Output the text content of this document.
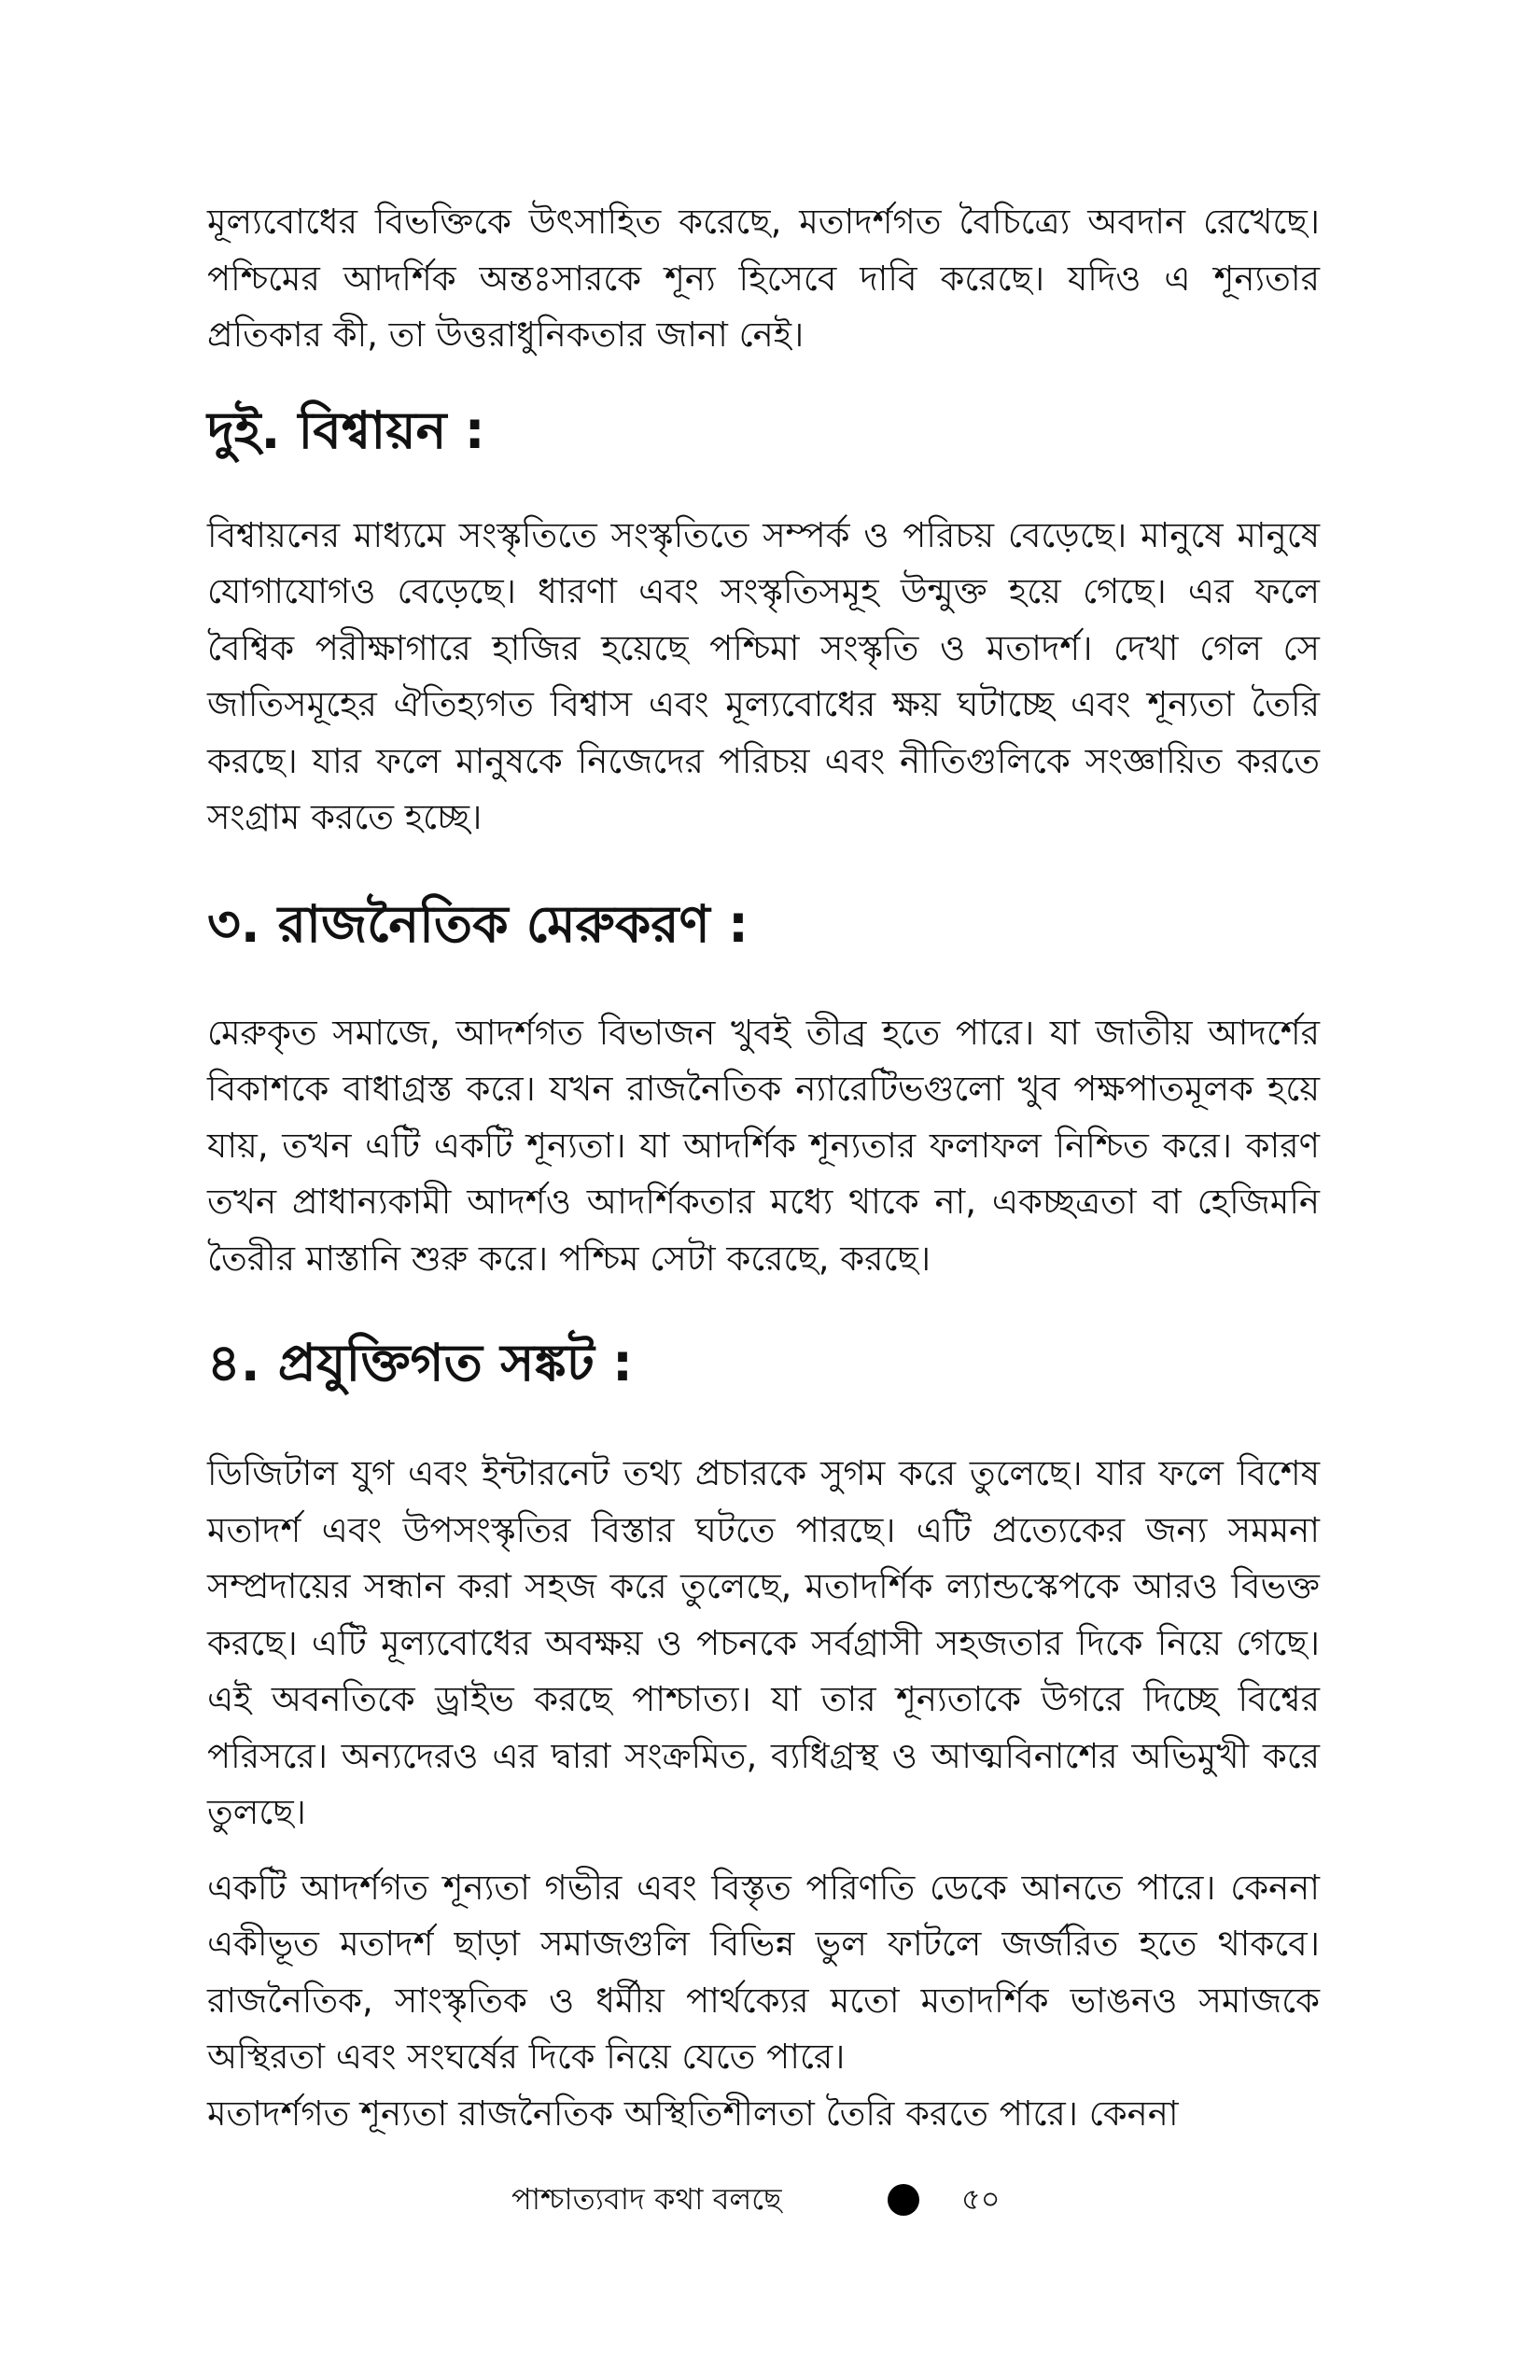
মূল্যবোধের বিভক্তিকে উৎসাহিত করেছে, মতাদর্শগত বৈচিত্র্যে অবদান রেখেছে। পশ্চিমের আদর্শিক অন্তঃসারকে শূন্য হিসেবে দাবি করেছে। যদিও এ শূন্যতার প্রতিকার কী, তা উত্তরাধুনিকতার জানা নেই।

দুই. বিশ্বায়ন :

বিশ্বায়নের মাধ্যমে সংস্কৃতিতে সংস্কৃতিতে সম্পর্ক ও পরিচয় বেড়েছে। মানুষে মানুষে যোগাযোগও বেড়েছে। ধারণা এবং সংস্কৃতিসমূহ উন্মুক্ত হয়ে গেছে। এর ফলে বৈশ্বিক পরীক্ষাগারে হাজির হয়েছে পশ্চিমা সংস্কৃতি ও মতাদর্শ। দেখা গেল সে জাতিসমূহের ঐতিহ্যগত বিশ্বাস এবং মূল্যবোধের ক্ষয় ঘটাচ্ছে এবং শূন্যতা তৈরি করছে। যার ফলে মানুষকে নিজেদের পরিচয় এবং নীতিগুলিকে সংজ্ঞায়িত করতে সংগ্রাম করতে হচ্ছে।

৩. রাজনৈতিক মেরুকরণ :

মেরুকৃত সমাজে, আদর্শগত বিভাজন খুবই তীব্র হতে পারে। যা জাতীয় আদর্শের বিকাশকে বাধাগ্রস্ত করে। যখন রাজনৈতিক ন্যারেটিভগুলো খুব পক্ষপাতমূলক হয়ে যায়, তখন এটি একটি শূন্যতা। যা আদর্শিক শূন্যতার ফলাফল নিশ্চিত করে। কারণ তখন প্রাধান্যকামী আদর্শও আদর্শিকতার মধ্যে থাকে না, একচ্ছত্রতা বা হেজিমনি তৈরীর মাস্তানি শুরু করে। পশ্চিম সেটা করেছে, করছে।

৪. প্রযুক্তিগত সঙ্কট :

ডিজিটাল যুগ এবং ইন্টারনেট তথ্য প্রচারকে সুগম করে তুলেছে। যার ফলে বিশেষ মতাদর্শ এবং উপসংস্কৃতির বিস্তার ঘটতে পারছে। এটি প্রত্যেকের জন্য সমমনা সম্প্রদায়ের সন্ধান করা সহজ করে তুলেছে, মতাদর্শিক ল্যান্ডস্কেপকে আরও বিভক্ত করছে। এটি মূল্যবোধের অবক্ষয় ও পচনকে সর্বগ্রাসী সহজতার দিকে নিয়ে গেছে। এই অবনতিকে ড্রাইভ করছে পাশ্চাত্য। যা তার শূন্যতাকে উগরে দিচ্ছে বিশ্বের পরিসরে। অন্যদেরও এর দ্বারা সংক্রমিত, ব্যধিগ্রস্থ ও আত্মবিনাশের অভিমুখী করে তুলছে।

একটি আদর্শগত শূন্যতা গভীর এবং বিস্তৃত পরিণতি ডেকে আনতে পারে। কেননা একীভূত মতাদর্শ ছাড়া সমাজগুলি বিভিন্ন ভুল ফাটলে জর্জরিত হতে থাকবে। রাজনৈতিক, সাংস্কৃতিক ও ধর্মীয় পার্থক্যের মতো মতাদর্শিক ভাঙনও সমাজকে অস্থিরতা এবং সংঘর্ষের দিকে নিয়ে যেতে পারে।

মতাদর্শগত শূন্যতা রাজনৈতিক অস্থিতিশীলতা তৈরি করতে পারে। কেননা

পাশ্চাত্যবাদ কথা বলছে	৫০
